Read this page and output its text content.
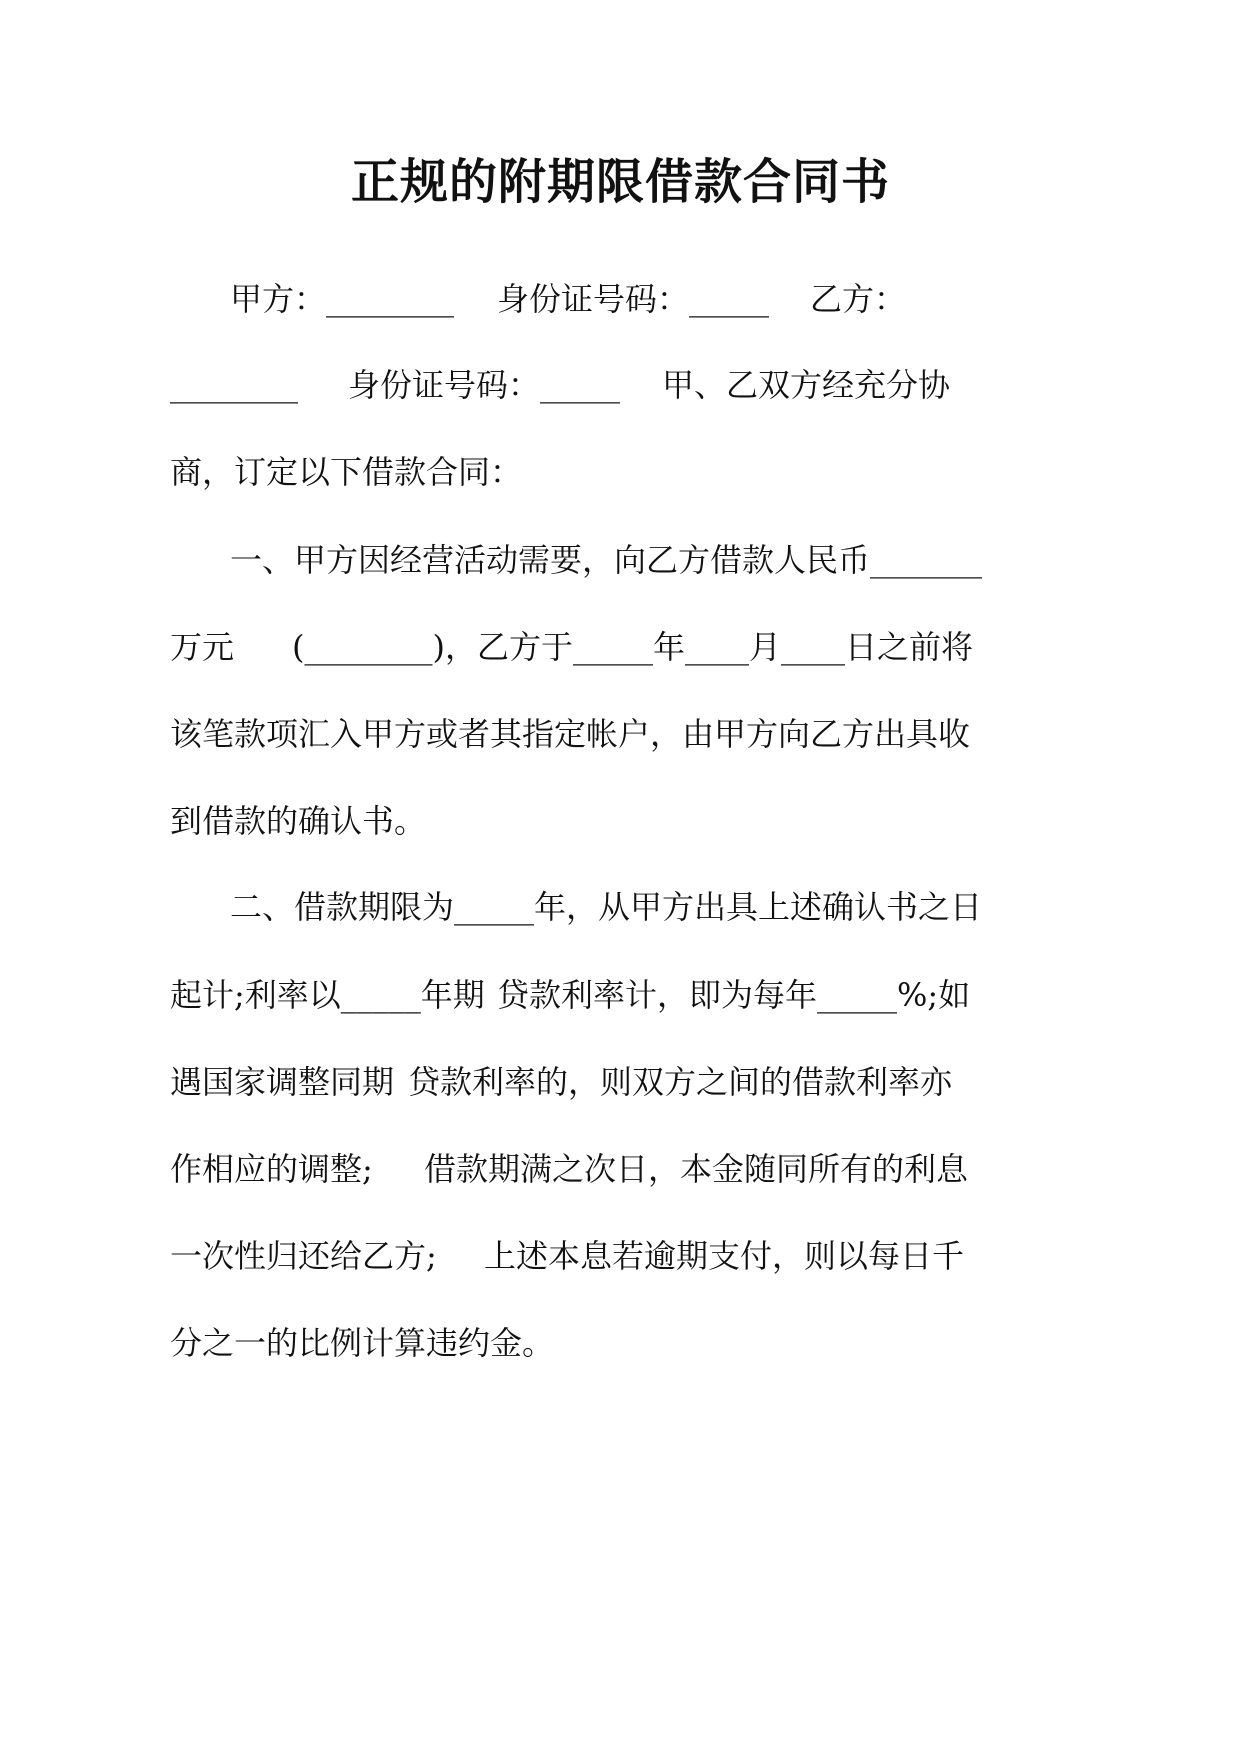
正规的附期限借款合同书

甲方：________

身份证号码：_____

乙方：

________

身份证号码：_____

甲、乙双方经充分协

商，订定以下借款合同：

一、甲方因经营活动需要，向乙方借款人民币_______

万元

(________)，乙方于_____年____月____日之前将

该笔款项汇入甲方或者其指定帐户，由甲方向乙方出具收

到借款的确认书。

二、借款期限为_____年，从甲方出具上述确认书之日

起计;利率以_____年期

贷款利率计，即为每年_____%;如

遇国家调整同期

贷款利率的，则双方之间的借款利率亦

作相应的调整;

借款期满之次日，本金随同所有的利息

一次性归还给乙方;

上述本息若逾期支付，则以每日千

分之一的比例计算违约金。
